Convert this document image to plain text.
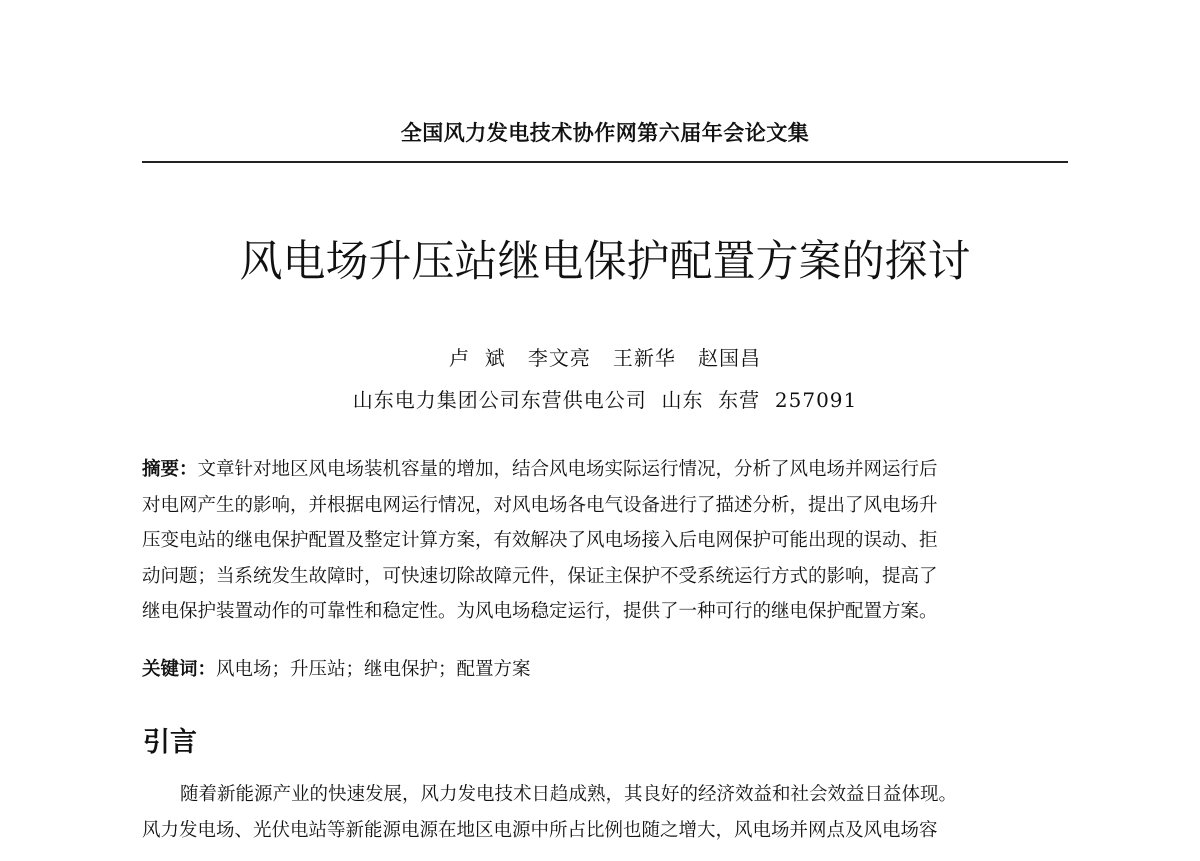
全国风力发电技术协作网第六届年会论文集
风电场升压站继电保护配置方案的探讨
卢  斌   李文亮   王新华   赵国昌
山东电力集团公司东营供电公司  山东  东营  257091
摘要：文章针对地区风电场装机容量的增加，结合风电场实际运行情况，分析了风电场并网运行后
对电网产生的影响，并根据电网运行情况，对风电场各电气设备进行了描述分析，提出了风电场升
压变电站的继电保护配置及整定计算方案，有效解决了风电场接入后电网保护可能出现的误动、拒
动问题；当系统发生故障时，可快速切除故障元件，保证主保护不受系统运行方式的影响，提高了
继电保护装置动作的可靠性和稳定性。为风电场稳定运行，提供了一种可行的继电保护配置方案。
关键词：风电场；升压站；继电保护；配置方案
引言
随着新能源产业的快速发展，风力发电技术日趋成熟，其良好的经济效益和社会效益日益体现。
风力发电场、光伏电站等新能源电源在地区电源中所占比例也随之增大，风电场并网点及风电场容
